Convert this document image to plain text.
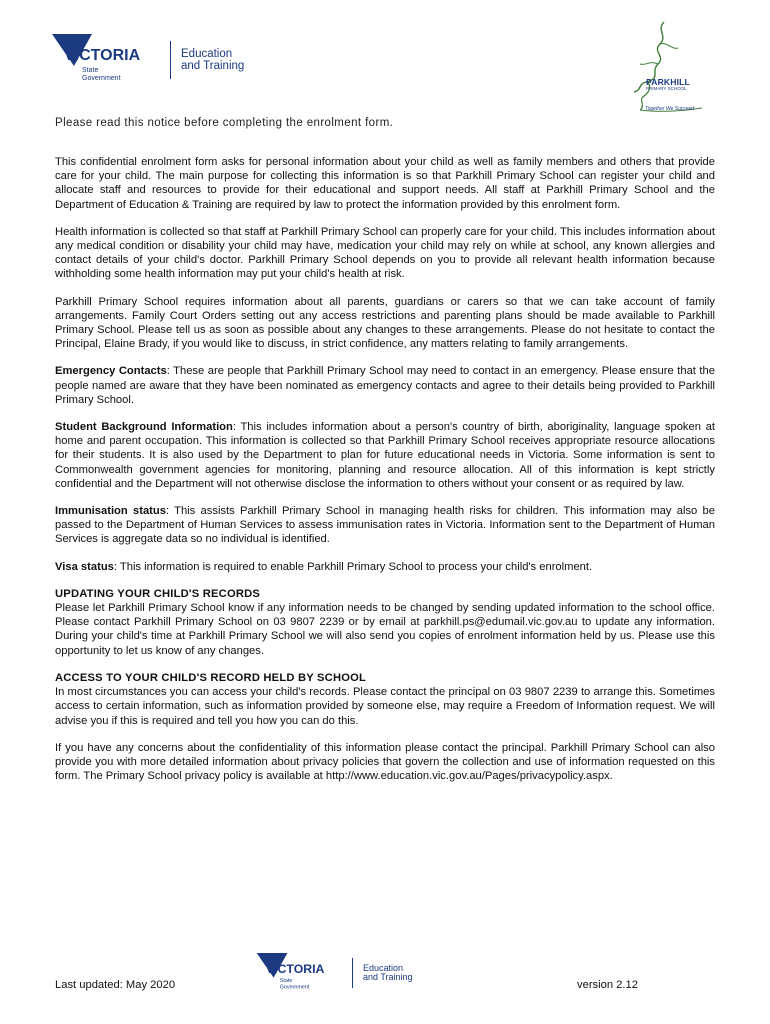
VICTORIA
State
Government
Education
and Training
PARKHILL
PRIMARY SCHOOL
Together We Succeed
Please read this notice before completing the enrolment form.

This confidential enrolment form asks for personal information about your child as well as family members and others that provide care for your child. The main purpose for collecting this information is so that Parkhill Primary School can register your child and allocate staff and resources to provide for their educational and support needs. All staff at Parkhill Primary School and the Department of Education & Training are required by law to protect the information provided by this enrolment form.

Health information is collected so that staff at Parkhill Primary School can properly care for your child. This includes information about any medical condition or disability your child may have, medication your child may rely on while at school, any known allergies and contact details of your child's doctor. Parkhill Primary School depends on you to provide all relevant health information because withholding some health information may put your child's health at risk.

Parkhill Primary School requires information about all parents, guardians or carers so that we can take account of family arrangements. Family Court Orders setting out any access restrictions and parenting plans should be made available to Parkhill Primary School. Please tell us as soon as possible about any changes to these arrangements. Please do not hesitate to contact the Principal, Elaine Brady, if you would like to discuss, in strict confidence, any matters relating to family arrangements.

Emergency Contacts: These are people that Parkhill Primary School may need to contact in an emergency. Please ensure that the people named are aware that they have been nominated as emergency contacts and agree to their details being provided to Parkhill Primary School.

Student Background Information: This includes information about a person's country of birth, aboriginality, language spoken at home and parent occupation. This information is collected so that Parkhill Primary School receives appropriate resource allocations for their students. It is also used by the Department to plan for future educational needs in Victoria. Some information is sent to Commonwealth government agencies for monitoring, planning and resource allocation. All of this information is kept strictly confidential and the Department will not otherwise disclose the information to others without your consent or as required by law.

Immunisation status: This assists Parkhill Primary School in managing health risks for children. This information may also be passed to the Department of Human Services to assess immunisation rates in Victoria. Information sent to the Department of Human Services is aggregate data so no individual is identified.

Visa status: This information is required to enable Parkhill Primary School to process your child's enrolment.

UPDATING YOUR CHILD'S RECORDS
Please let Parkhill Primary School know if any information needs to be changed by sending updated information to the school office. Please contact Parkhill Primary School on 03 9807 2239 or by email at parkhill.ps@edumail.vic.gov.au to update any information. During your child's time at Parkhill Primary School we will also send you copies of enrolment information held by us. Please use this opportunity to let us know of any changes.

ACCESS TO YOUR CHILD'S RECORD HELD BY SCHOOL
In most circumstances you can access your child's records. Please contact the principal on 03 9807 2239 to arrange this. Sometimes access to certain information, such as information provided by someone else, may require a Freedom of Information request. We will advise you if this is required and tell you how you can do this.

If you have any concerns about the confidentiality of this information please contact the principal. Parkhill Primary School can also provide you with more detailed information about privacy policies that govern the collection and use of information requested on this form. The Primary School privacy policy is available at http://www.education.vic.gov.au/Pages/privacypolicy.aspx.

VICTORIA
State
Government
Education
and Training
Last updated: May 2020	version 2.12
